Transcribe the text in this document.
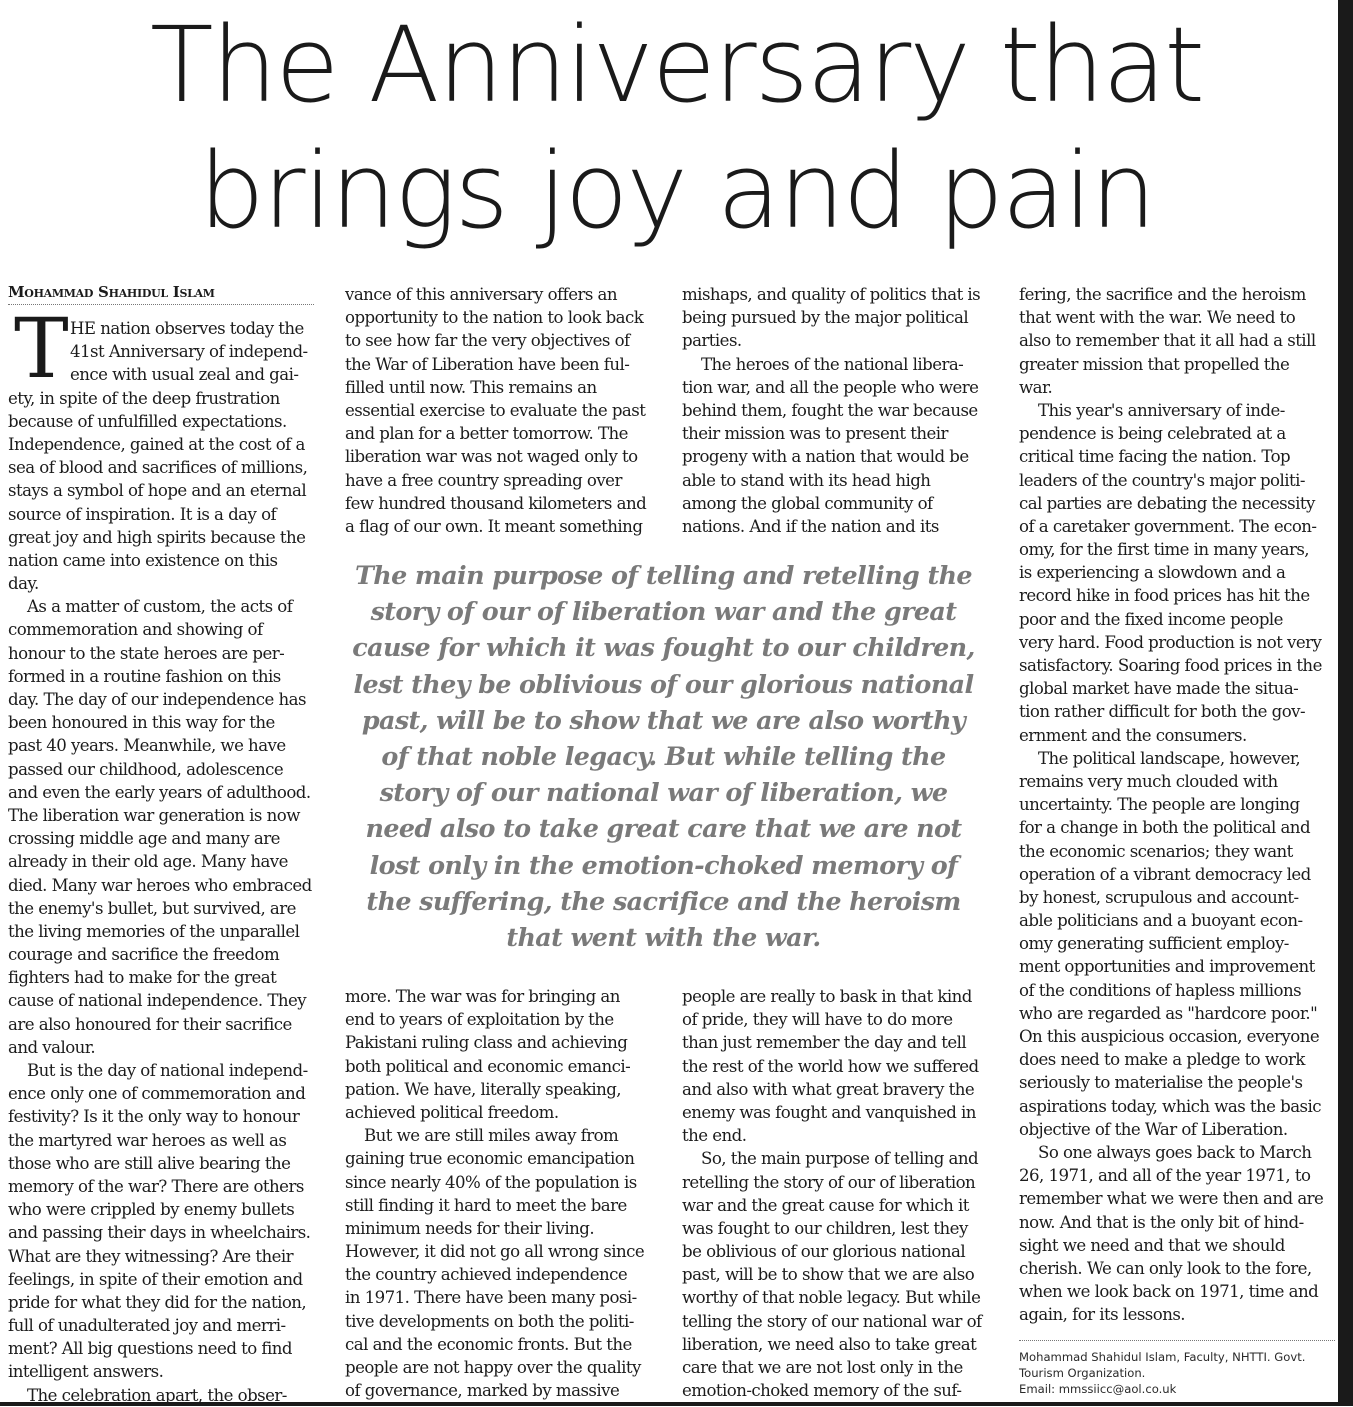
The Anniversary that
brings joy and pain
Mohammad Shahidul Islam
T HE nation observes today the
41st Anniversary of independ-
ence with usual zeal and gai-
ety, in spite of the deep frustration
because of unfulfilled expectations.
Independence, gained at the cost of a
sea of blood and sacrifices of millions,
stays a symbol of hope and an eternal
source of inspiration. It is a day of
great joy and high spirits because the
nation came into existence on this
day.
As a matter of custom, the acts of
commemoration and showing of
honour to the state heroes are per-
formed in a routine fashion on this
day. The day of our independence has
been honoured in this way for the
past 40 years. Meanwhile, we have
passed our childhood, adolescence
and even the early years of adulthood.
The liberation war generation is now
crossing middle age and many are
already in their old age. Many have
died. Many war heroes who embraced
the enemy's bullet, but survived, are
the living memories of the unparallel
courage and sacrifice the freedom
fighters had to make for the great
cause of national independence. They
are also honoured for their sacrifice
and valour.
But is the day of national independ-
ence only one of commemoration and
festivity? Is it the only way to honour
the martyred war heroes as well as
those who are still alive bearing the
memory of the war? There are others
who were crippled by enemy bullets
and passing their days in wheelchairs.
What are they witnessing? Are their
feelings, in spite of their emotion and
pride for what they did for the nation,
full of unadulterated joy and merri-
ment? All big questions need to find
intelligent answers.
The celebration apart, the obser-
vance of this anniversary offers an
opportunity to the nation to look back
to see how far the very objectives of
the War of Liberation have been ful-
filled until now. This remains an
essential exercise to evaluate the past
and plan for a better tomorrow. The
liberation war was not waged only to
have a free country spreading over
few hundred thousand kilometers and
a flag of our own. It meant something
mishaps, and quality of politics that is
being pursued by the major political
parties.
The heroes of the national libera-
tion war, and all the people who were
behind them, fought the war because
their mission was to present their
progeny with a nation that would be
able to stand with its head high
among the global community of
nations. And if the nation and its
The main purpose of telling and retelling the
story of our of liberation war and the great
cause for which it was fought to our children,
lest they be oblivious of our glorious national
past, will be to show that we are also worthy
of that noble legacy. But while telling the
story of our national war of liberation, we
need also to take great care that we are not
lost only in the emotion-choked memory of
the suffering, the sacrifice and the heroism
that went with the war.
more. The war was for bringing an
end to years of exploitation by the
Pakistani ruling class and achieving
both political and economic emanci-
pation. We have, literally speaking,
achieved political freedom.
But we are still miles away from
gaining true economic emancipation
since nearly 40% of the population is
still finding it hard to meet the bare
minimum needs for their living.
However, it did not go all wrong since
the country achieved independence
in 1971. There have been many posi-
tive developments on both the politi-
cal and the economic fronts. But the
people are not happy over the quality
of governance, marked by massive
people are really to bask in that kind
of pride, they will have to do more
than just remember the day and tell
the rest of the world how we suffered
and also with what great bravery the
enemy was fought and vanquished in
the end.
So, the main purpose of telling and
retelling the story of our of liberation
war and the great cause for which it
was fought to our children, lest they
be oblivious of our glorious national
past, will be to show that we are also
worthy of that noble legacy. But while
telling the story of our national war of
liberation, we need also to take great
care that we are not lost only in the
emotion-choked memory of the suf-
fering, the sacrifice and the heroism
that went with the war. We need to
also to remember that it all had a still
greater mission that propelled the
war.
This year's anniversary of inde-
pendence is being celebrated at a
critical time facing the nation. Top
leaders of the country's major politi-
cal parties are debating the necessity
of a caretaker government. The econ-
omy, for the first time in many years,
is experiencing a slowdown and a
record hike in food prices has hit the
poor and the fixed income people
very hard. Food production is not very
satisfactory. Soaring food prices in the
global market have made the situa-
tion rather difficult for both the gov-
ernment and the consumers.
The political landscape, however,
remains very much clouded with
uncertainty. The people are longing
for a change in both the political and
the economic scenarios; they want
operation of a vibrant democracy led
by honest, scrupulous and account-
able politicians and a buoyant econ-
omy generating sufficient employ-
ment opportunities and improvement
of the conditions of hapless millions
who are regarded as "hardcore poor."
On this auspicious occasion, everyone
does need to make a pledge to work
seriously to materialise the people's
aspirations today, which was the basic
objective of the War of Liberation.
So one always goes back to March
26, 1971, and all of the year 1971, to
remember what we were then and are
now. And that is the only bit of hind-
sight we need and that we should
cherish. We can only look to the fore,
when we look back on 1971, time and
again, for its lessons.
Mohammad Shahidul Islam, Faculty, NHTTI. Govt.
Tourism Organization.
Email: mmssiicc@aol.co.uk
